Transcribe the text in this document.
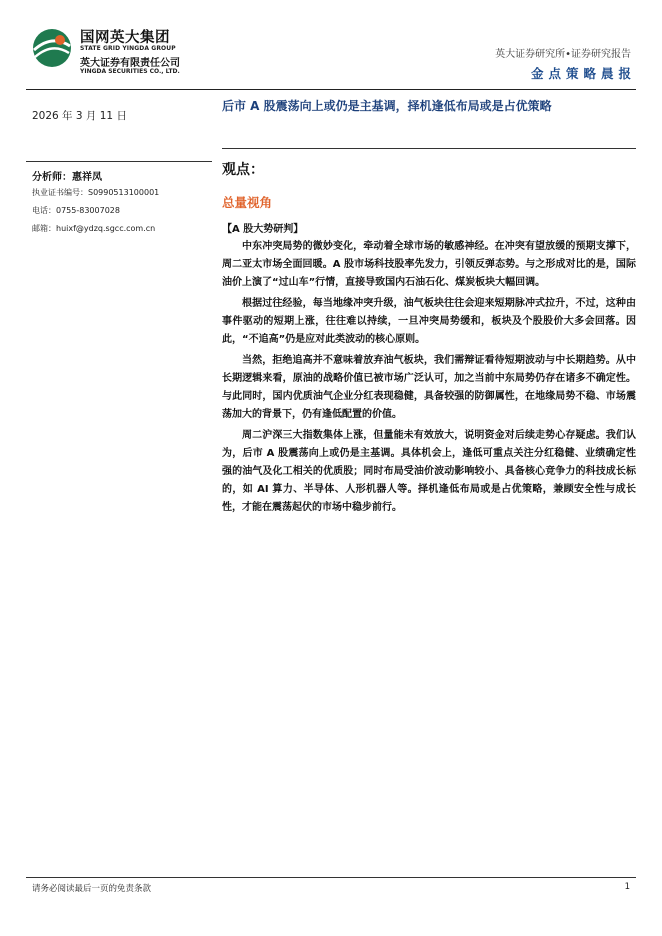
国网英大集团
STATE GRID YINGDA GROUP
英大证券有限责任公司
YINGDA SECURITIES CO., LTD.
英大证券研究所•证券研究报告
金点策略晨报
2026 年 3 月 11 日
后市 A 股震荡向上或仍是主基调，择机逢低布局或是占优策略
分析师：惠祥凤
执业证书编号：S0990513100001
电话：0755-83007028
邮箱：huixf@ydzq.sgcc.com.cn
观点：
总量视角
【A 股大势研判】

中东冲突局势的微妙变化，牵动着全球市场的敏感神经。在冲突有望放缓的预期支撑下，周二亚太市场全面回暖。A 股市场科技股率先发力，引领反弹态势。与之形成对比的是，国际油价上演了“过山车”行情，直接导致国内石油石化、煤炭板块大幅回调。

根据过往经验，每当地缘冲突升级，油气板块往往会迎来短期脉冲式拉升，不过，这种由事件驱动的短期上涨，往往难以持续，一旦冲突局势缓和，板块及个股股价大多会回落。因此，“不追高”仍是应对此类波动的核心原则。

当然，拒绝追高并不意味着放弃油气板块，我们需辩证看待短期波动与中长期趋势。从中长期逻辑来看，原油的战略价值已被市场广泛认可，加之当前中东局势仍存在诸多不确定性。与此同时，国内优质油气企业分红表现稳健，具备较强的防御属性，在地缘局势不稳、市场震荡加大的背景下，仍有逢低配置的价值。

周二沪深三大指数集体上涨，但量能未有效放大，说明资金对后续走势心存疑虑。我们认为，后市 A 股震荡向上或仍是主基调。具体机会上，逢低可重点关注分红稳健、业绩确定性强的油气及化工相关的优质股；同时布局受油价波动影响较小、具备核心竞争力的科技成长标的，如 AI 算力、半导体、人形机器人等。择机逢低布局或是占优策略，兼顾安全性与成长性，才能在震荡起伏的市场中稳步前行。

请务必阅读最后一页的免责条款	1
